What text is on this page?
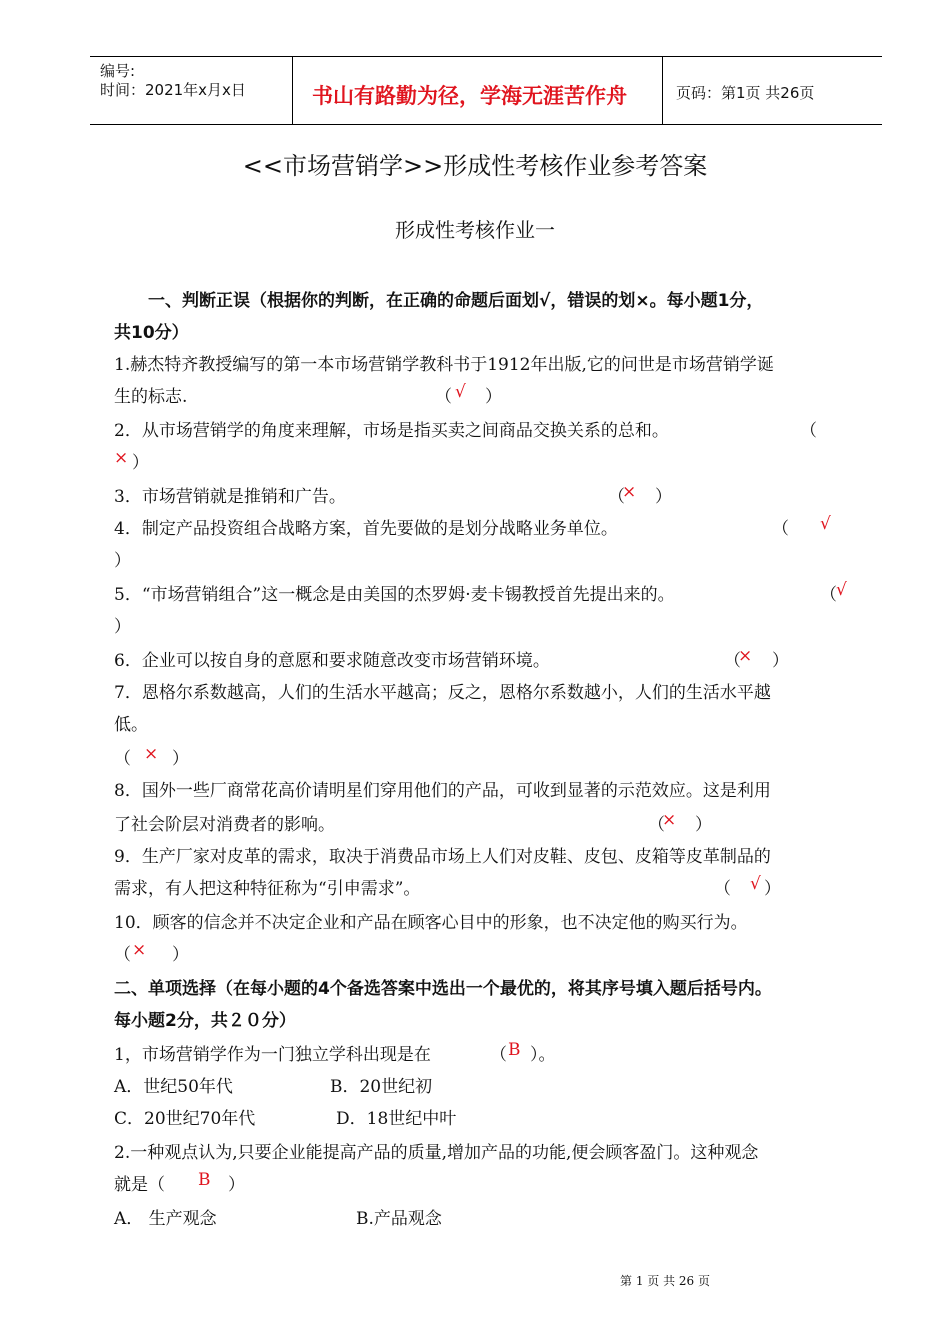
编号:
时间：2021年x月x日	书山有路勤为径，学海无涯苦作舟	页码：第1页 共26页
<<市场营销学>>形成性考核作业参考答案
形成性考核作业一
一、判断正误（根据你的判断，在正确的命题后面划√，错误的划×。每小题1分，
共10分）
1.赫杰特齐教授编写的第一本市场营销学教科书于1912年出版,它的问世是市场营销学诞
生的标志.	（ √ ）
2．从市场营销学的角度来理解，市场是指买卖之间商品交换关系的总和。	（
× ）
3．市场营销就是推销和广告。	（
× ）
4．制定产品投资组合战略方案，首先要做的是划分战略业务单位。	（ √
）
5．“市场营销组合”这一概念是由美国的杰罗姆·麦卡锡教授首先提出来的。	（ √
）
6．企业可以按自身的意愿和要求随意改变市场营销环境。	（
× ）
7．恩格尔系数越高，人们的生活水平越高；反之，恩格尔系数越小，人们的生活水平越
低。
（ × ）
8．国外一些厂商常花高价请明星们穿用他们的产品，可收到显著的示范效应。这是利用
了社会阶层对消费者的影响。	（
× ）
9．生产厂家对皮革的需求，取决于消费品市场上人们对皮鞋、皮包、皮箱等皮革制品的
需求，有人把这种特征称为“引申需求”。	（ √ ）
10．顾客的信念并不决定企业和产品在顾客心目中的形象，也不决定他的购买行为。
（ × ）
二、单项选择（在每小题的4个备选答案中选出一个最优的，将其序号填入题后括号内。
每小题2分，共２０分）
1，市场营销学作为一门独立学科出现是在	（ B ）。
A．世纪50年代	B．20世纪初
C．20世纪70年代	D．18世纪中叶
2.一种观点认为,只要企业能提高产品的质量,增加产品的功能,便会顾客盈门。这种观念
就是（ B ）
A． 生产观念	B.产品观念
第 1 页 共 26 页
